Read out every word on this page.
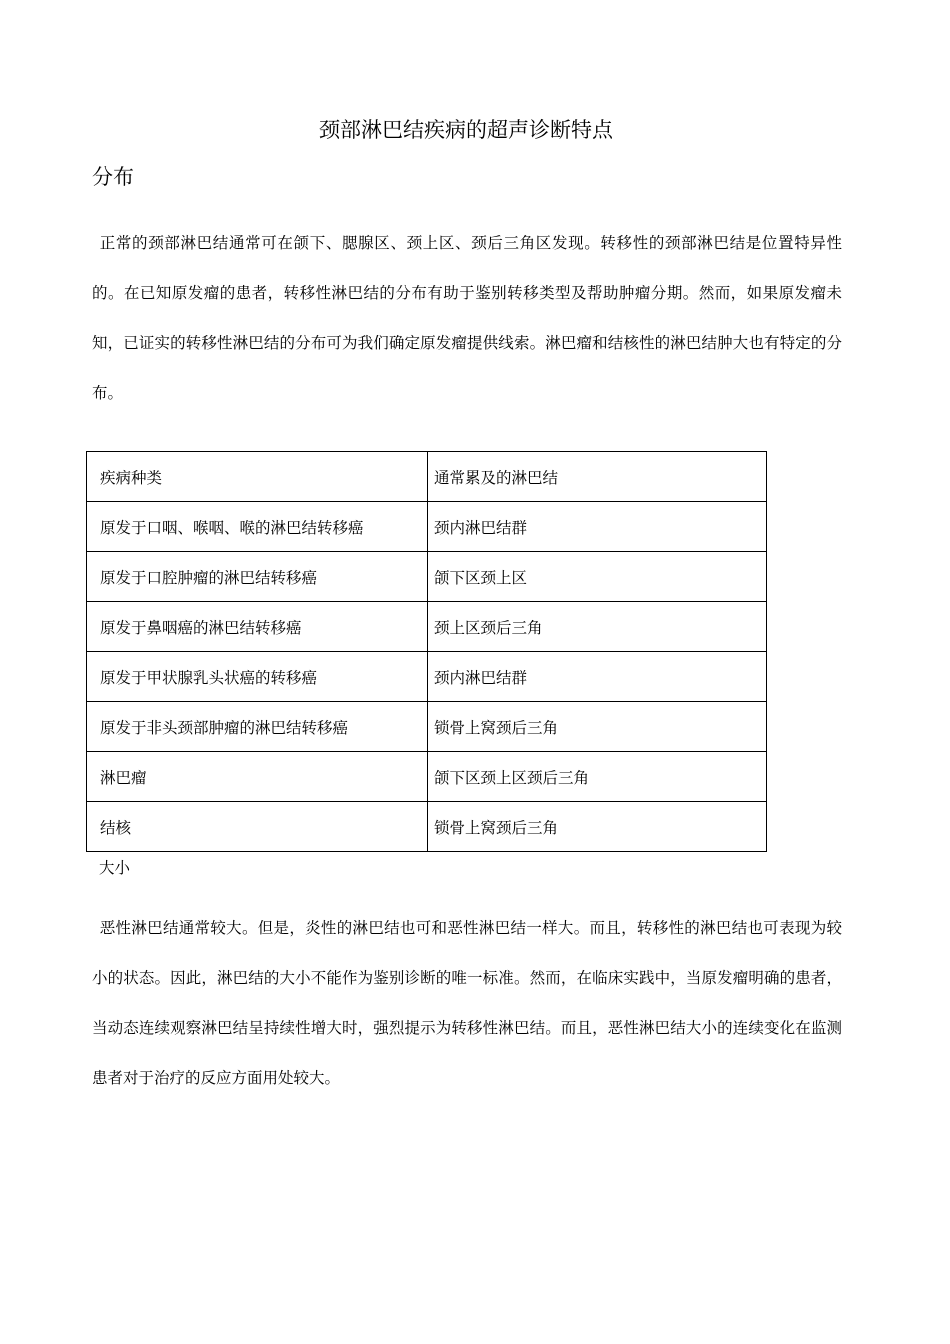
颈部淋巴结疾病的超声诊断特点
分布

正常的颈部淋巴结通常可在颌下、腮腺区、颈上区、颈后三角区发现。转移性的颈部淋巴结是位置特异性的。在已知原发瘤的患者，转移性淋巴结的分布有助于鉴别转移类型及帮助肿瘤分期。然而，如果原发瘤未知，已证实的转移性淋巴结的分布可为我们确定原发瘤提供线索。淋巴瘤和结核性的淋巴结肿大也有特定的分布。

疾病种类	通常累及的淋巴结
原发于口咽、喉咽、喉的淋巴结转移癌	颈内淋巴结群
原发于口腔肿瘤的淋巴结转移癌	颌下区颈上区
原发于鼻咽癌的淋巴结转移癌	颈上区颈后三角
原发于甲状腺乳头状癌的转移癌	颈内淋巴结群
原发于非头颈部肿瘤的淋巴结转移癌	锁骨上窝颈后三角
淋巴瘤	颌下区颈上区颈后三角
结核	锁骨上窝颈后三角
大小

恶性淋巴结通常较大。但是，炎性的淋巴结也可和恶性淋巴结一样大。而且，转移性的淋巴结也可表现为较小的状态。因此，淋巴结的大小不能作为鉴别诊断的唯一标准。然而，在临床实践中，当原发瘤明确的患者，当动态连续观察淋巴结呈持续性增大时，强烈提示为转移性淋巴结。而且，恶性淋巴结大小的连续变化在监测患者对于治疗的反应方面用处较大。
